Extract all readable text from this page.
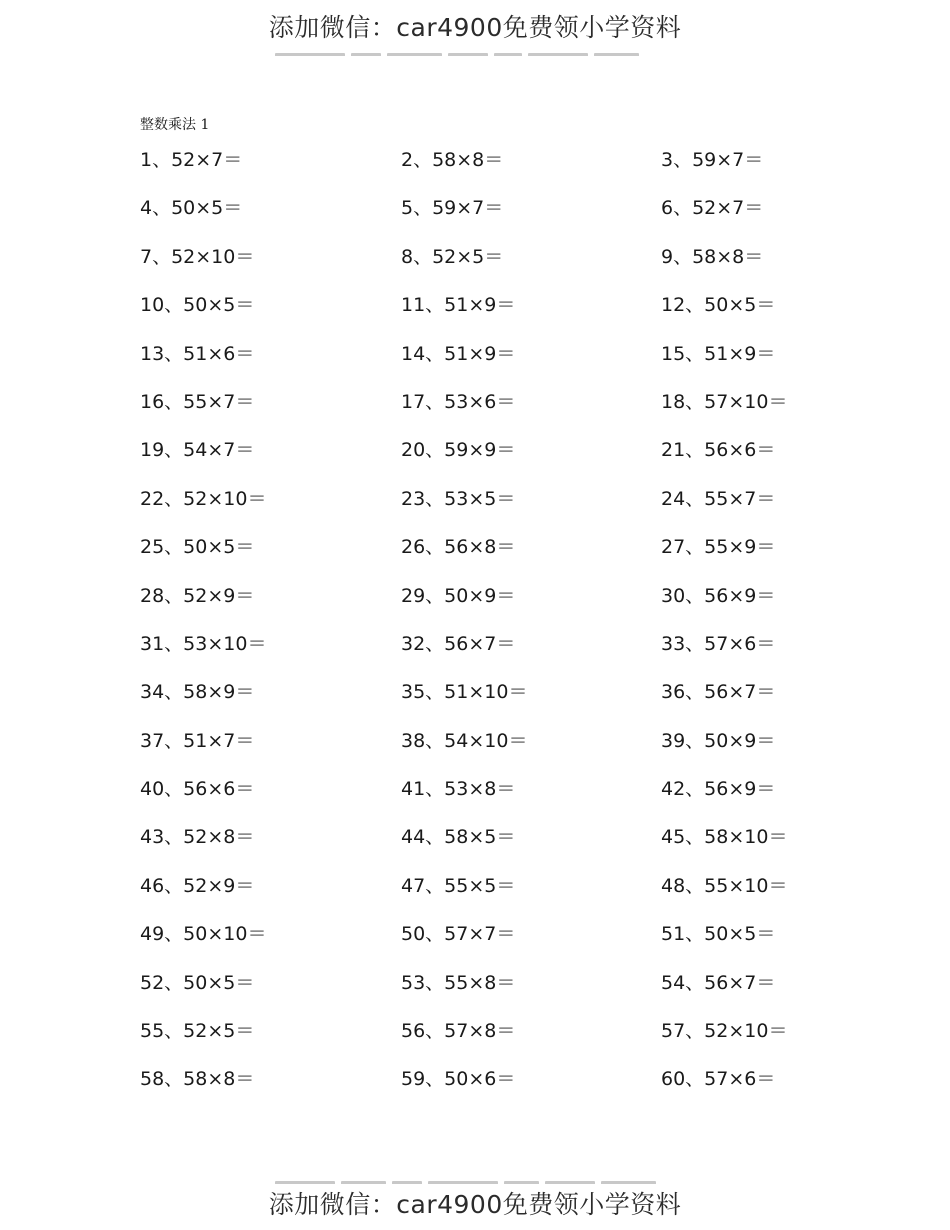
添加微信：car4900免费领小学资料
整数乘法 1
1、52×7＝	2、58×8＝	3、59×7＝
4、50×5＝	5、59×7＝	6、52×7＝
7、52×10＝	8、52×5＝	9、58×8＝
10、50×5＝	11、51×9＝	12、50×5＝
13、51×6＝	14、51×9＝	15、51×9＝
16、55×7＝	17、53×6＝	18、57×10＝
19、54×7＝	20、59×9＝	21、56×6＝
22、52×10＝	23、53×5＝	24、55×7＝
25、50×5＝	26、56×8＝	27、55×9＝
28、52×9＝	29、50×9＝	30、56×9＝
31、53×10＝	32、56×7＝	33、57×6＝
34、58×9＝	35、51×10＝	36、56×7＝
37、51×7＝	38、54×10＝	39、50×9＝
40、56×6＝	41、53×8＝	42、56×9＝
43、52×8＝	44、58×5＝	45、58×10＝
46、52×9＝	47、55×5＝	48、55×10＝
49、50×10＝	50、57×7＝	51、50×5＝
52、50×5＝	53、55×8＝	54、56×7＝
55、52×5＝	56、57×8＝	57、52×10＝
58、58×8＝	59、50×6＝	60、57×6＝
添加微信：car4900免费领小学资料
